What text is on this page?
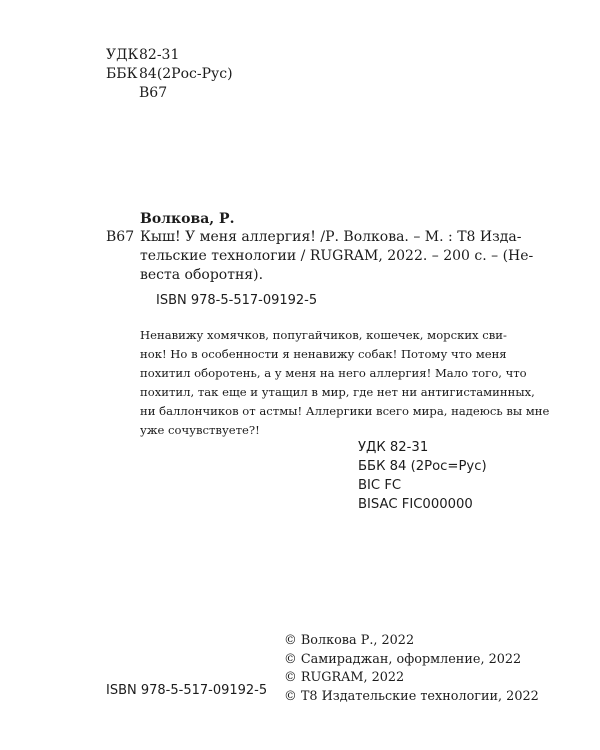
УДК 82-31
ББК 84(2Рос-Рус)
В67
Волкова, Р.
В67 Кыш! У меня аллергия! /Р. Волкова. – М. : Т8 Изда-
тельские технологии / RUGRAM, 2022. – 200 с. – (Не-
веста оборотня).
ISBN 978-5-517-09192-5
Ненавижу хомячков, попугайчиков, кошечек, морских сви-
нок! Но в особенности я ненавижу собак! Потому что меня
похитил оборотень, а у меня на него аллергия! Мало того, что
похитил, так еще и утащил в мир, где нет ни антигистаминных,
ни баллончиков от астмы! Аллергики всего мира, надеюсь вы мне
уже сочувствуете?!
УДК 82-31
ББК 84 (2Рос=Рус)
BIC FC
BISAC FIC000000
© Волкова Р., 2022
© Самираджан, оформление, 2022
© RUGRAM, 2022
© Т8 Издательские технологии, 2022
ISBN 978-5-517-09192-5
